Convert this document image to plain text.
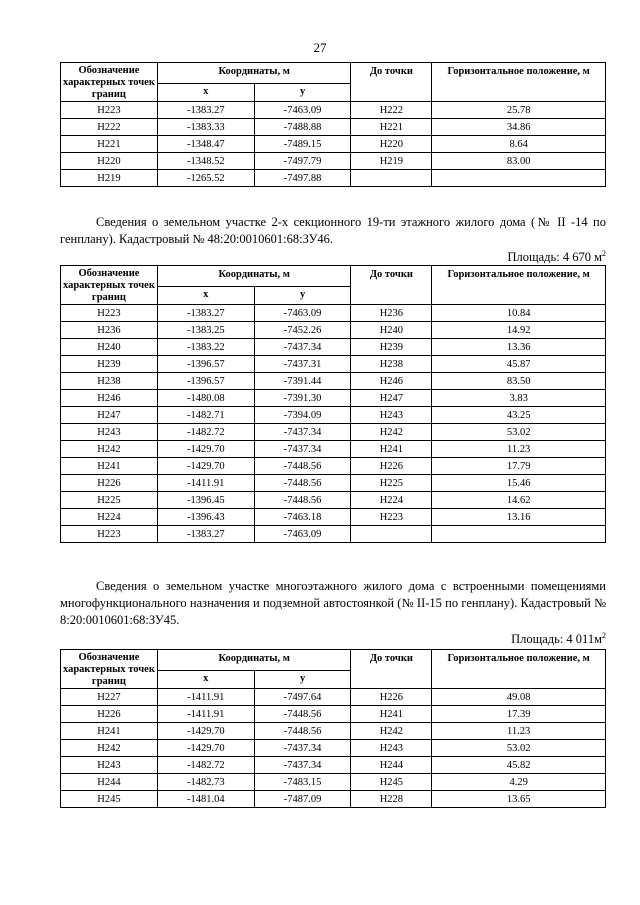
27
Обозначение характерных точек границ	Координаты, м		До точки	Горизонтальное положение, м
	x	y		
Н223	-1383.27	-7463.09	Н222	25.78
Н222	-1383.33	-7488.88	Н221	34.86
Н221	-1348.47	-7489.15	Н220	8.64
Н220	-1348.52	-7497.79	Н219	83.00
Н219	-1265.52	-7497.88		
Сведения о земельном участке 2-х секционного 19-ти этажного жилого дома (№ II -14 по генплану). Кадастровый № 48:20:0010601:68:ЗУ46.
Площадь: 4 670 $м^2$
Обозначение характерных точек границ	Координаты, м		До точки	Горизонтальное положение, м
	x	y		
Н223	-1383.27	-7463.09	Н236	10.84
Н236	-1383.25	-7452.26	Н240	14.92
Н240	-1383.22	-7437.34	Н239	13.36
Н239	-1396.57	-7437.31	Н238	45.87
Н238	-1396.57	-7391.44	Н246	83.50
Н246	-1480.08	-7391.30	Н247	3.83
Н247	-1482.71	-7394.09	Н243	43.25
Н243	-1482.72	-7437.34	Н242	53.02
Н242	-1429.70	-7437.34	Н241	11.23
Н241	-1429.70	-7448.56	Н226	17.79
Н226	-1411.91	-7448.56	Н225	15.46
Н225	-1396.45	-7448.56	Н224	14.62
Н224	-1396.43	-7463.18	Н223	13.16
Н223	-1383.27	-7463.09		
Сведения о земельном участке многоэтажного жилого дома с встроенными помещениями многофункционального назначения и подземной автостоянкой (№ II-15 по генплану). Кадастровый № 8:20:0010601:68:ЗУ45.
Площадь: 4 $011м^2$
Обозначение характерных точек границ	Координаты, м		До точки	Горизонтальное положение, м
	x	y		
Н227	-1411.91	-7497.64	Н226	49.08
Н226	-1411.91	-7448.56	Н241	17.39
Н241	-1429.70	-7448.56	Н242	11.23
Н242	-1429.70	-7437.34	Н243	53.02
Н243	-1482.72	-7437.34	Н244	45.82
Н244	-1482.73	-7483.15	Н245	4.29
Н245	-1481.04	-7487.09	Н228	13.65
